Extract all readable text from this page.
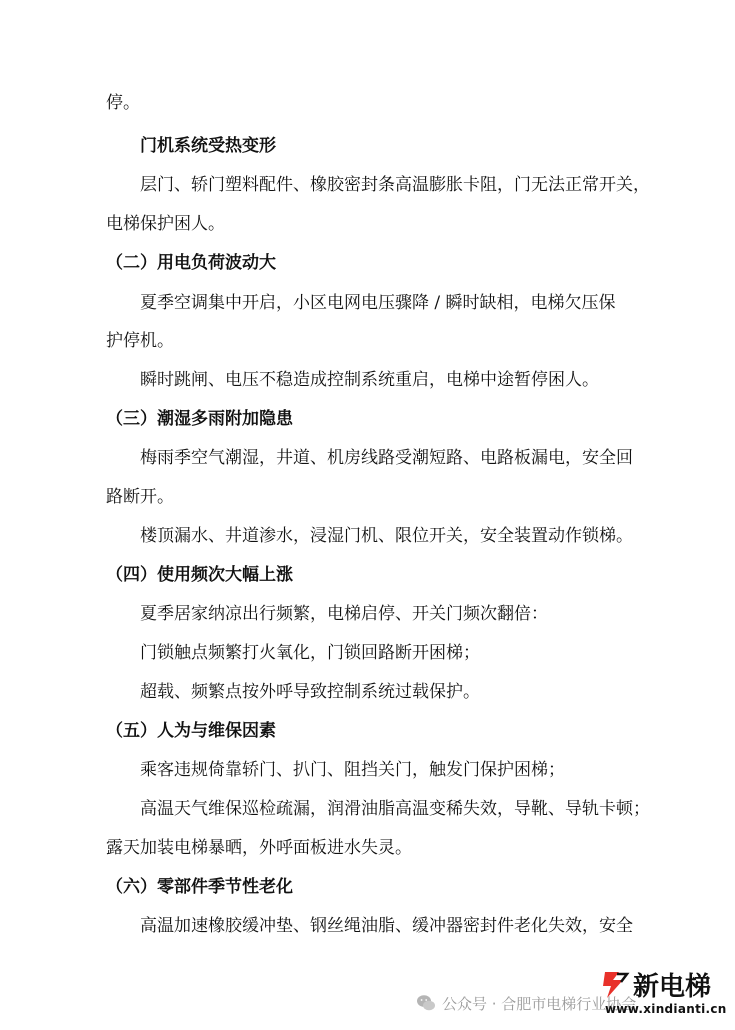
停。
门机系统受热变形
层门、轿门塑料配件、橡胶密封条高温膨胀卡阻，门无法正常开关，
电梯保护困人。
（二）用电负荷波动大
夏季空调集中开启，小区电网电压骤降 / 瞬时缺相，电梯欠压保
护停机。
瞬时跳闸、电压不稳造成控制系统重启，电梯中途暂停困人。
（三）潮湿多雨附加隐患
梅雨季空气潮湿，井道、机房线路受潮短路、电路板漏电，安全回
路断开。
楼顶漏水、井道渗水，浸湿门机、限位开关，安全装置动作锁梯。
（四）使用频次大幅上涨
夏季居家纳凉出行频繁，电梯启停、开关门频次翻倍：
门锁触点频繁打火氧化，门锁回路断开困梯；
超载、频繁点按外呼导致控制系统过载保护。
（五）人为与维保因素
乘客违规倚靠轿门、扒门、阻挡关门，触发门保护困梯；
高温天气维保巡检疏漏，润滑油脂高温变稀失效，导靴、导轨卡顿；
露天加装电梯暴晒，外呼面板进水失灵。
（六）零部件季节性老化
高温加速橡胶缓冲垫、钢丝绳油脂、缓冲器密封件老化失效，安全
公众号 · 合肥市电梯行业协会
新电梯
www.xindianti.cn
